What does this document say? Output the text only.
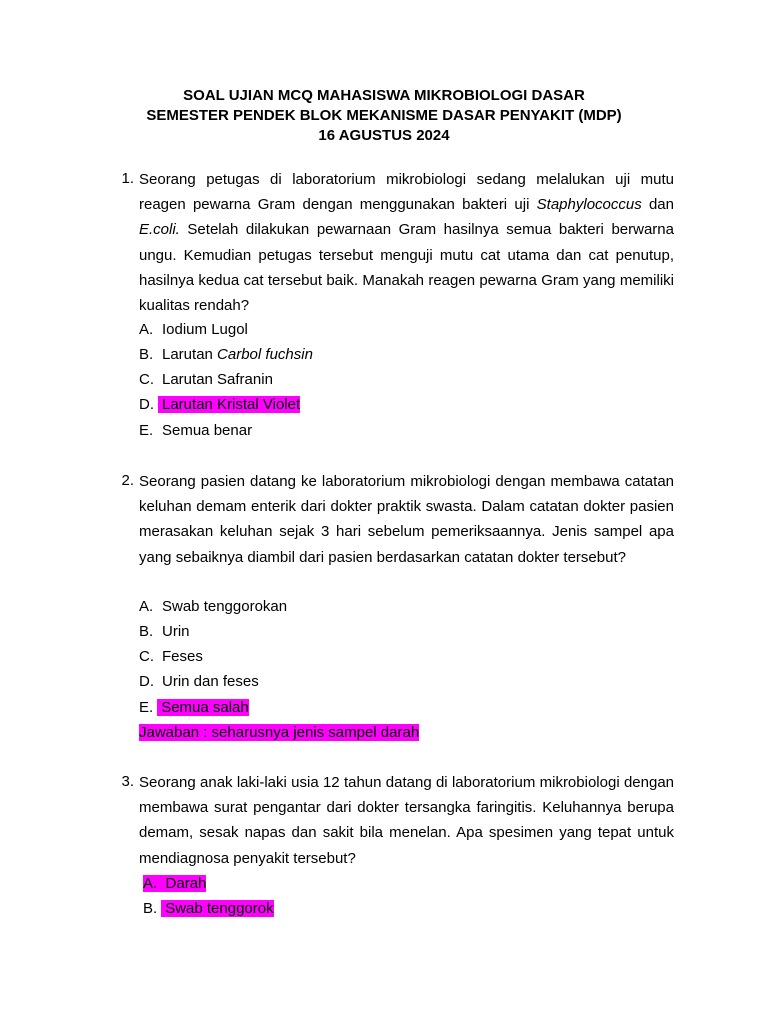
SOAL UJIAN MCQ MAHASISWA MIKROBIOLOGI DASAR
SEMESTER PENDEK BLOK MEKANISME DASAR PENYAKIT (MDP)
16 AGUSTUS 2024
1. Seorang petugas di laboratorium mikrobiologi sedang melalukan uji mutu reagen pewarna Gram dengan menggunakan bakteri uji Staphylococcus dan E.coli. Setelah dilakukan pewarnaan Gram hasilnya semua bakteri berwarna ungu. Kemudian petugas tersebut menguji mutu cat utama dan cat penutup, hasilnya kedua cat tersebut baik. Manakah reagen pewarna Gram yang memiliki kualitas rendah?

A. Iodium Lugol
B. Larutan Carbol fuchsin
C. Larutan Safranin
D. Larutan Kristal Violet
E. Semua benar
2. Seorang pasien datang ke laboratorium mikrobiologi dengan membawa catatan keluhan demam enterik dari dokter praktik swasta. Dalam catatan dokter pasien merasakan keluhan sejak 3 hari sebelum pemeriksaannya. Jenis sampel apa yang sebaiknya diambil dari pasien berdasarkan catatan dokter tersebut?

A. Swab tenggorokan
B. Urin
C. Feses
D. Urin dan feses
E. Semua salah
Jawaban : seharusnya jenis sampel darah
3. Seorang anak laki-laki usia 12 tahun datang di laboratorium mikrobiologi dengan membawa surat pengantar dari dokter tersangka faringitis. Keluhannya berupa demam, sesak napas dan sakit bila menelan. Apa spesimen yang tepat untuk mendiagnosa penyakit tersebut?

A. Darah
B. Swab tenggorok
